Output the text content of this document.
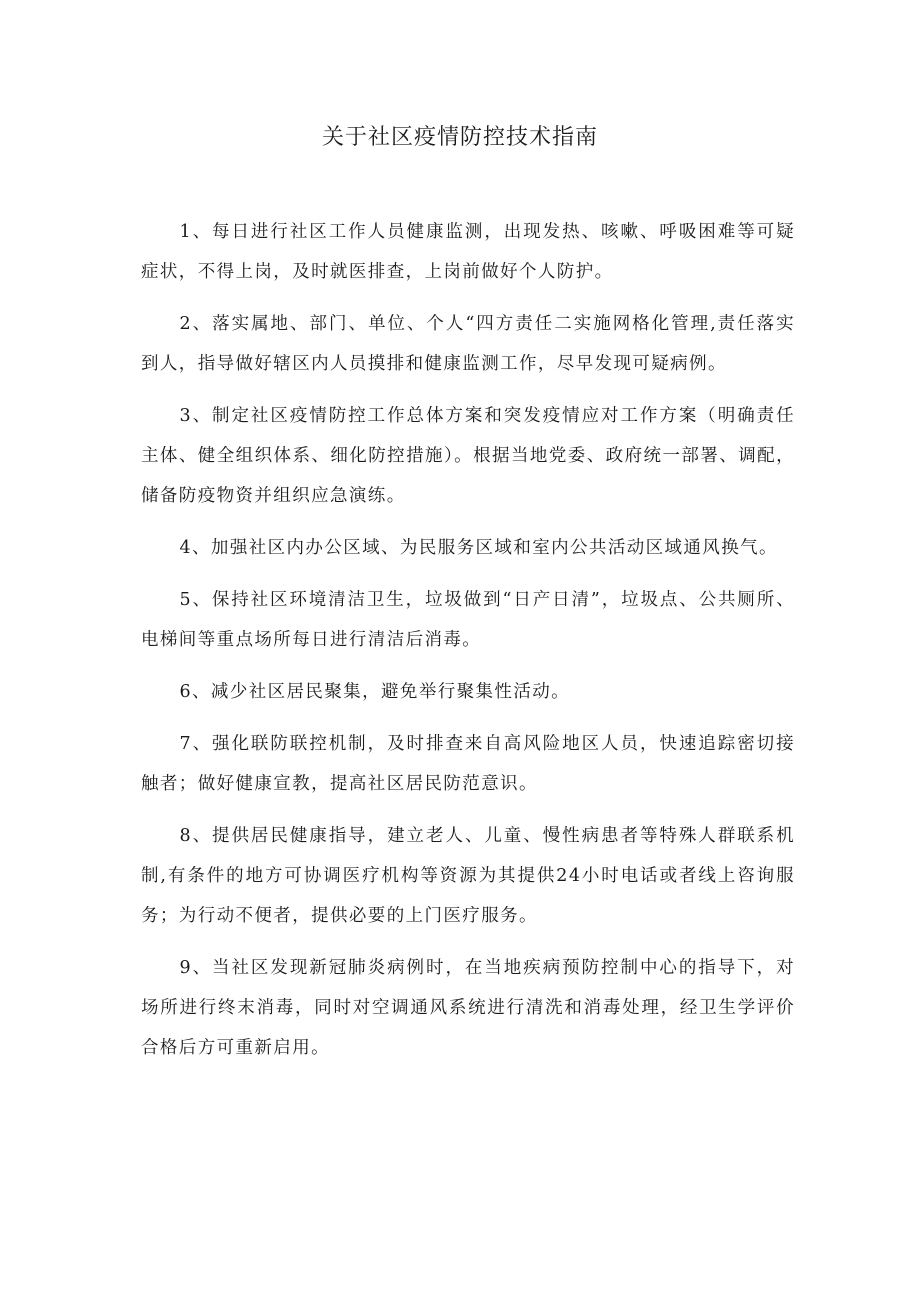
关于社区疫情防控技术指南

1、每日进行社区工作人员健康监测，出现发热、咳嗽、呼吸困难等可疑症状，不得上岗，及时就医排查，上岗前做好个人防护。

2、落实属地、部门、单位、个人“四方责任二实施网格化管理,责任落实到人，指导做好辖区内人员摸排和健康监测工作，尽早发现可疑病例。

3、制定社区疫情防控工作总体方案和突发疫情应对工作方案（明确责任主体、健全组织体系、细化防控措施）。根据当地党委、政府统一部署、调配，储备防疫物资并组织应急演练。

4、加强社区内办公区域、为民服务区域和室内公共活动区域通风换气。

5、保持社区环境清洁卫生，垃圾做到“日产日清”，垃圾点、公共厕所、电梯间等重点场所每日进行清洁后消毒。

6、减少社区居民聚集，避免举行聚集性活动。

7、强化联防联控机制，及时排查来自高风险地区人员，快速追踪密切接触者；做好健康宣教，提高社区居民防范意识。

8、提供居民健康指导，建立老人、儿童、慢性病患者等特殊人群联系机制,有条件的地方可协调医疗机构等资源为其提供24小时电话或者线上咨询服务；为行动不便者，提供必要的上门医疗服务。

9、当社区发现新冠肺炎病例时，在当地疾病预防控制中心的指导下，对场所进行终末消毒，同时对空调通风系统进行清洗和消毒处理，经卫生学评价合格后方可重新启用。
